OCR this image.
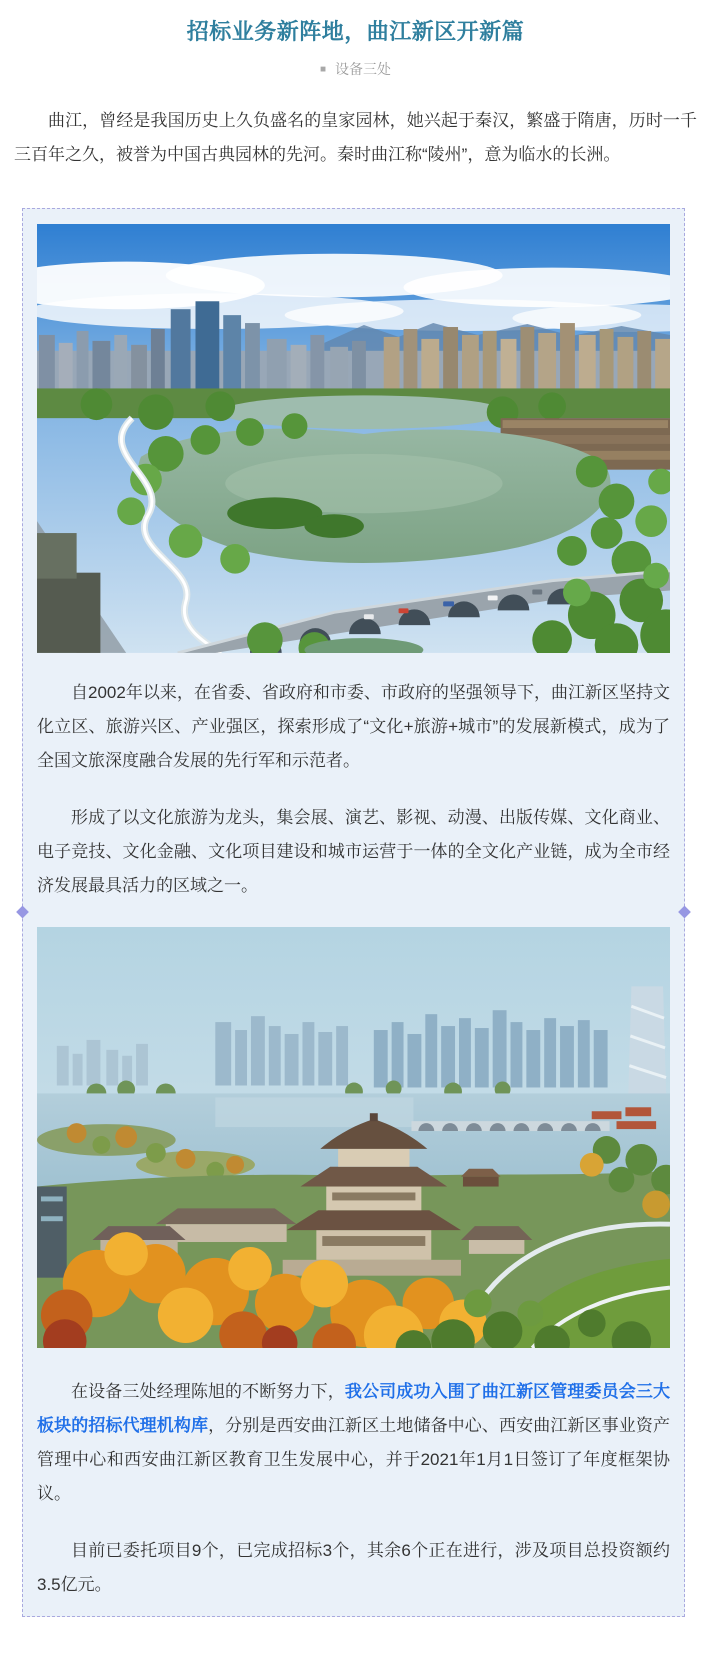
招标业务新阵地，曲江新区开新篇
■ 设备三处

曲江，曾经是我国历史上久负盛名的皇家园林，她兴起于秦汉，繁盛于隋唐，历时一千三百年之久，被誉为中国古典园林的先河。秦时曲江称“陵州”，意为临水的长洲。

自2002年以来，在省委、省政府和市委、市政府的坚强领导下，曲江新区坚持文化立区、旅游兴区、产业强区，探索形成了“文化+旅游+城市”的发展新模式，成为了全国文旅深度融合发展的先行军和示范者。

形成了以文化旅游为龙头，集会展、演艺、影视、动漫、出版传媒、文化商业、电子竞技、文化金融、文化项目建设和城市运营于一体的全文化产业链，成为全市经济发展最具活力的区域之一。

在设备三处经理陈旭的不断努力下，我公司成功入围了曲江新区管理委员会三大板块的招标代理机构库，分别是西安曲江新区土地储备中心、西安曲江新区事业资产管理中心和西安曲江新区教育卫生发展中心，并于2021年1月1日签订了年度框架协议。

目前已委托项目9个，已完成招标3个，其余6个正在进行，涉及项目总投资额约3.5亿元。
